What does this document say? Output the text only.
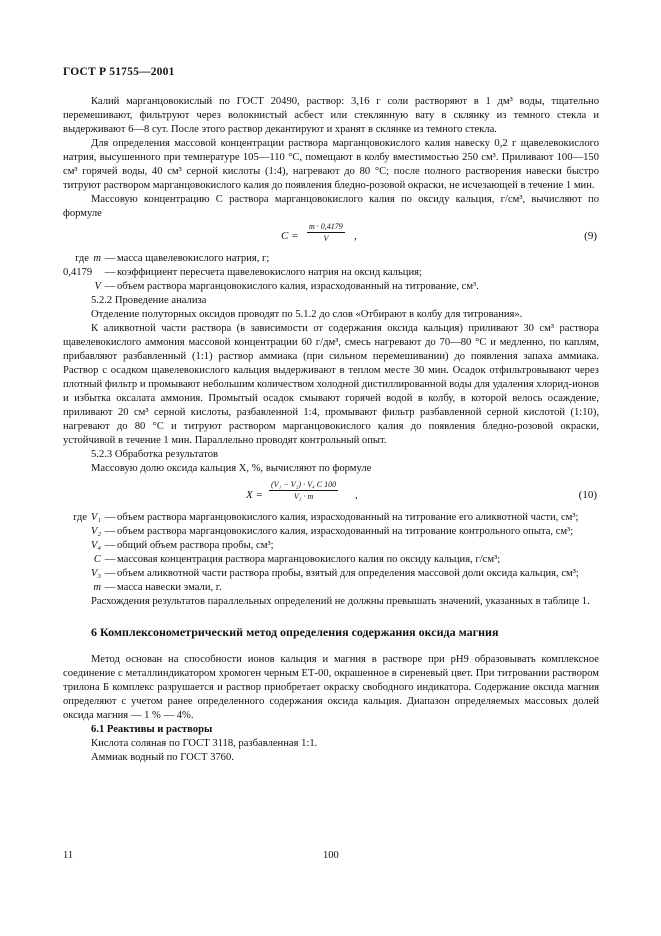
ГОСТ Р 51755—2001

Калий марганцовокислый по ГОСТ 20490, раствор: 3,16 г соли растворяют в 1 дм³ воды, тщательно перемешивают, фильтруют через волокнистый асбест или стеклянную вату в склянку из темного стекла и выдерживают 6—8 сут. После этого раствор декантируют и хранят в склянке из темного стекла.

Для определения массовой концентрации раствора марганцовокислого калия навеску 0,2 г щавелевокислого натрия, высушенного при температуре 105—110 °С, помещают в колбу вместимостью 250 см³. Приливают 100—150 см³ горячей воды, 40 см³ серной кислоты (1:4), нагревают до 80 °С; после полного растворения навески быстро титруют раствором марганцовокислого калия до появления бледно-розовой окраски, не исчезающей в течение 1 мин.

Массовую концентрацию C раствора марганцовокислого калия по оксиду кальция, г/см³, вычисляют по формуле

$C = \frac{m \cdot 0,4179}{V}$ ,	(9)
где m — масса щавелевокислого натрия, г;
0,4179	— коэффициент пересчета щавелевокислого натрия на оксид кальция;
V — объем раствора марганцовокислого калия, израсходованный на титрование, см³.

5.2.2 Проведение анализа

Отделение полуторных оксидов проводят по 5.1.2 до слов «Отбирают в колбу для титрования».

К аликвотной части раствора (в зависимости от содержания оксида кальция) приливают 30 см³ раствора щавелевокислого аммония массовой концентрации 60 г/дм³, смесь нагревают до 70—80 °С и медленно, по каплям, прибавляют разбавленный (1:1) раствор аммиака (при сильном перемешивании) до появления запаха аммиака. Раствор с осадком щавелевокислого кальция выдерживают в теплом месте 30 мин. Осадок отфильтровывают через плотный фильтр и промывают небольшим количеством холодной дистиллированной воды для удаления хлорид-ионов и избытка оксалата аммония. Промытый осадок смывают горячей водой в колбу, в которой велось осаждение, приливают 20 см³ серной кислоты, разбавленной 1:4, промывают фильтр разбавленной серной кислотой (1:10), нагревают до 80 °С и титруют раствором марганцовокислого калия до появления бледно-розовой окраски, устойчивой в течение 1 мин. Параллельно проводят контрольный опыт.

5.2.3 Обработка результатов

Массовую долю оксида кальция X, %, вычисляют по формуле

$X = \frac{\text{(V₁ − V₂) · V₄ C 100}}{\text{V₃ · m}}$ ,	(10)
где V₁ — объем раствора марганцовокислого калия, израсходованный на титрование его аликвотной части, см³;
V₂ — объем раствора марганцовокислого калия, израсходованный на титрование контрольного опыта, см³;
V₄ — общий объем раствора пробы, см³;
C — массовая концентрация раствора марганцовокислого калия по оксиду кальция, г/см³;
V₃ — объем аликвотной части раствора пробы, взятый для определения массовой доли оксида кальция, см³;
m — масса навески эмали, г.

Расхождения результатов параллельных определений не должны превышать значений, указанных в таблице 1.

6 Комплексонометрический метод определения содержания оксида магния

Метод основан на способности ионов кальция и магния в растворе при рН9 образовывать комплексное соединение с металлиндикатором хромоген черным ЕТ-00, окрашенное в сиреневый цвет. При титровании раствором трилона Б комплекс разрушается и раствор приобретает окраску свободного индикатора. Содержание оксида магния определяют с учетом ранее определенного содержания оксида кальция. Диапазон определяемых массовых долей оксида магния — 1 % — 4%.

6.1 Реактивы и растворы

Кислота соляная по ГОСТ 3118, разбавленная 1:1.

Аммиак водный по ГОСТ 3760.

11	100
